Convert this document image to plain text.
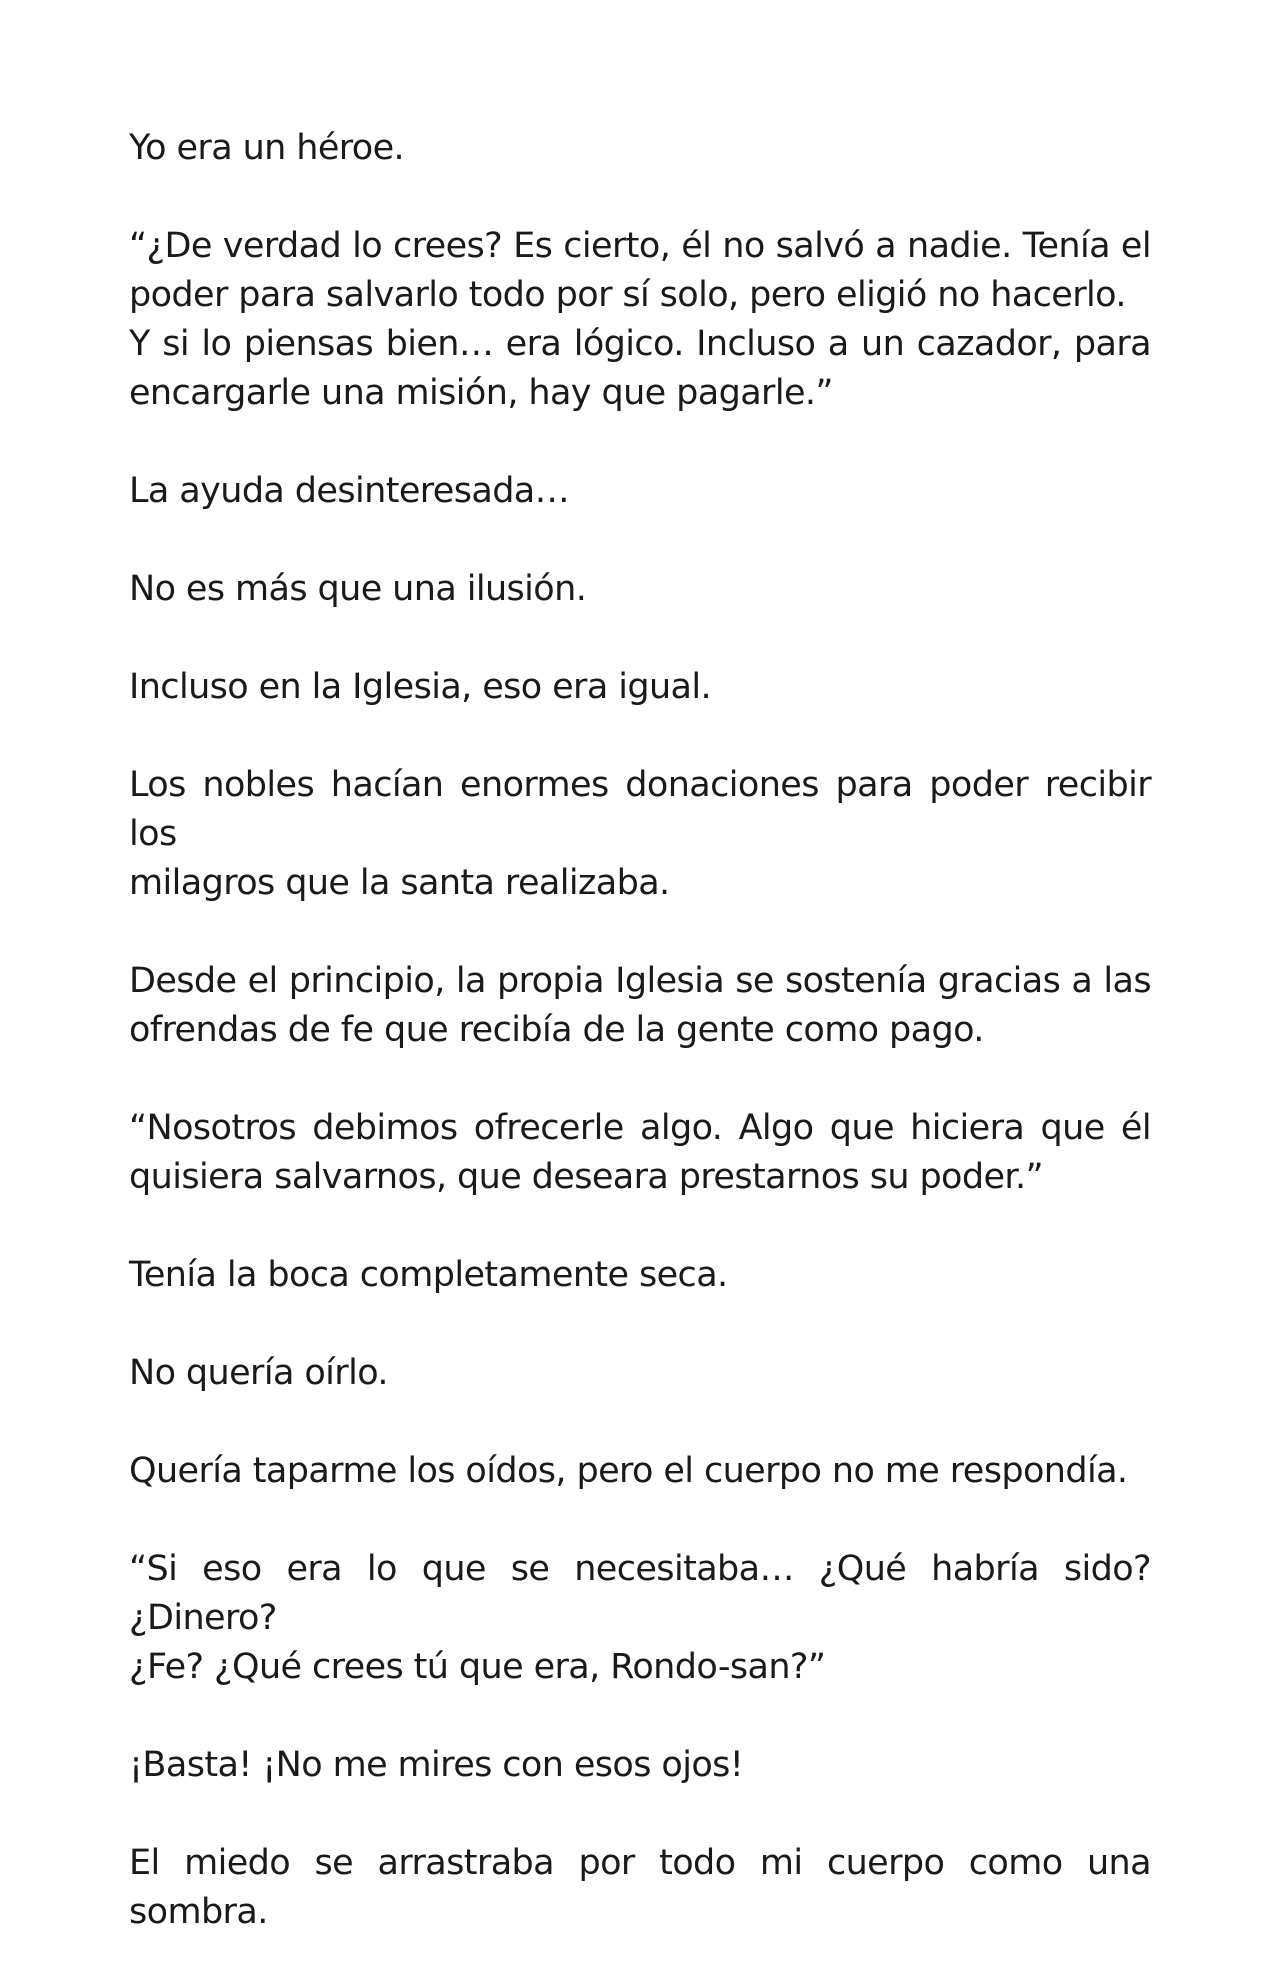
Yo era un héroe.

“¿De verdad lo crees? Es cierto, él no salvó a nadie. Tenía el
poder para salvarlo todo por sí solo, pero eligió no hacerlo.
Y si lo piensas bien… era lógico. Incluso a un cazador, para
encargarle una misión, hay que pagarle.”

La ayuda desinteresada…

No es más que una ilusión.

Incluso en la Iglesia, eso era igual.

Los nobles hacían enormes donaciones para poder recibir los
milagros que la santa realizaba.

Desde el principio, la propia Iglesia se sostenía gracias a las
ofrendas de fe que recibía de la gente como pago.

“Nosotros debimos ofrecerle algo. Algo que hiciera que él
quisiera salvarnos, que deseara prestarnos su poder.”

Tenía la boca completamente seca.

No quería oírlo.

Quería taparme los oídos, pero el cuerpo no me respondía.

“Si eso era lo que se necesitaba… ¿Qué habría sido? ¿Dinero?
¿Fe? ¿Qué crees tú que era, Rondo-san?”

¡Basta! ¡No me mires con esos ojos!

El miedo se arrastraba por todo mi cuerpo como una
sombra.
